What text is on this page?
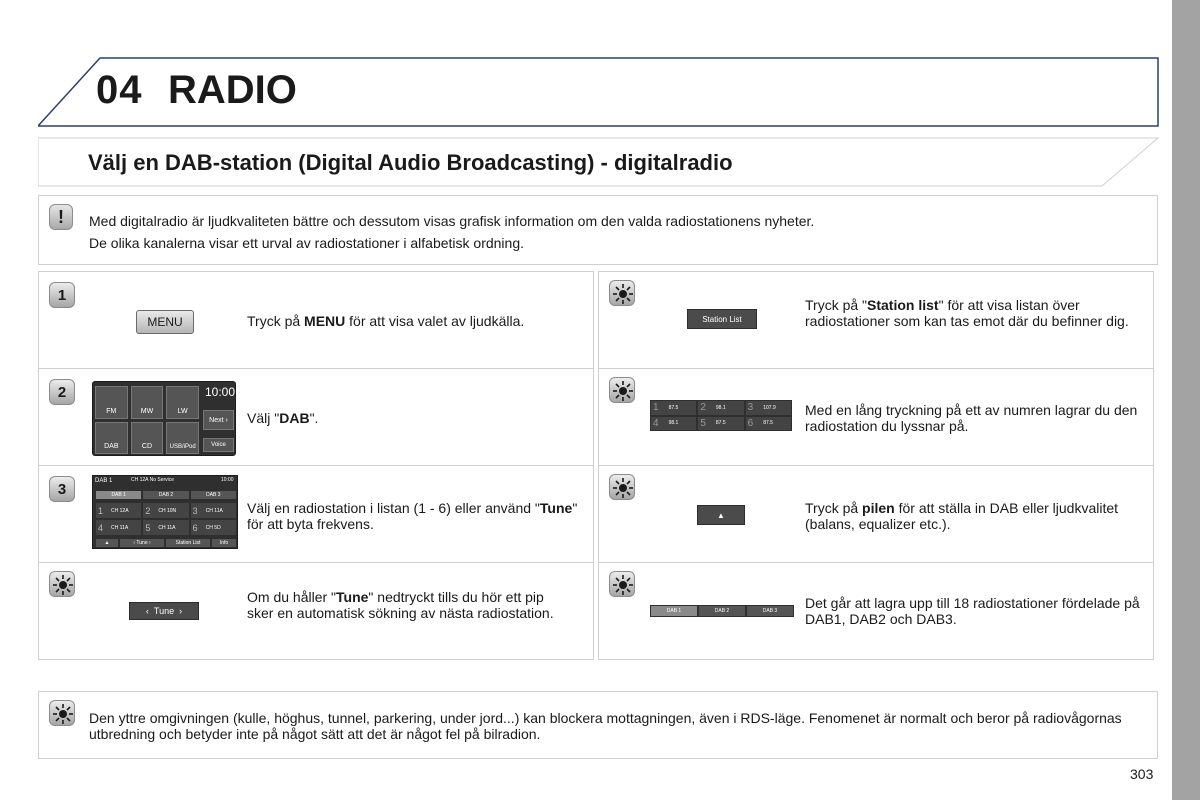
04 RADIO
Välj en DAB-station (Digital Audio Broadcasting) - digitalradio
! Med digitalradio är ljudkvaliteten bättre och dessutom visas grafisk information om den valda radiostationens nyheter.
De olika kanalerna visar ett urval av radiostationer i alfabetisk ordning.
1
MENU	Tryck på MENU för att visa valet av ljudkälla.
2	10:00
FM	MW	LW
DAB	CD	USB/iPod
Next ›
Voice
Välj "DAB".
3	DAB 1	CH 12A No Service	10:00
DAB 1	DAB 2	DAB 3
1 CH 12A 2 CH 10N 3 CH 11A
4 CH 11A 5 CH 11A 6 CH 5D
▲	‹ Tune ›	Station List	Info
Välj en radiostation i listan (1 - 6) eller använd "Tune" för att byta frekvens.
‹ Tune ›
Om du håller "Tune" nedtryckt tills du hör ett pip sker en automatisk sökning av nästa radiostation.
Station List
Tryck på "Station list" för att visa listan över radiostationer som kan tas emot där du befinner dig.
1 87.5 2 98.1 3 107.9
4 98.1 5 87.5 6 87.5
Med en lång tryckning på ett av numren lagrar du den radiostation du lyssnar på.
▲	Tryck på pilen för att ställa in DAB eller ljudkvalitet (balans, equalizer etc.).
DAB 1	DAB 2	DAB 3	Det går att lagra upp till 18 radiostationer fördelade på DAB1, DAB2 och DAB3.
Den yttre omgivningen (kulle, höghus, tunnel, parkering, under jord...) kan blockera mottagningen, även i RDS-läge. Fenomenet är normalt och beror på radiovågornas utbredning och betyder inte på något sätt att det är något fel på bilradion.
303
